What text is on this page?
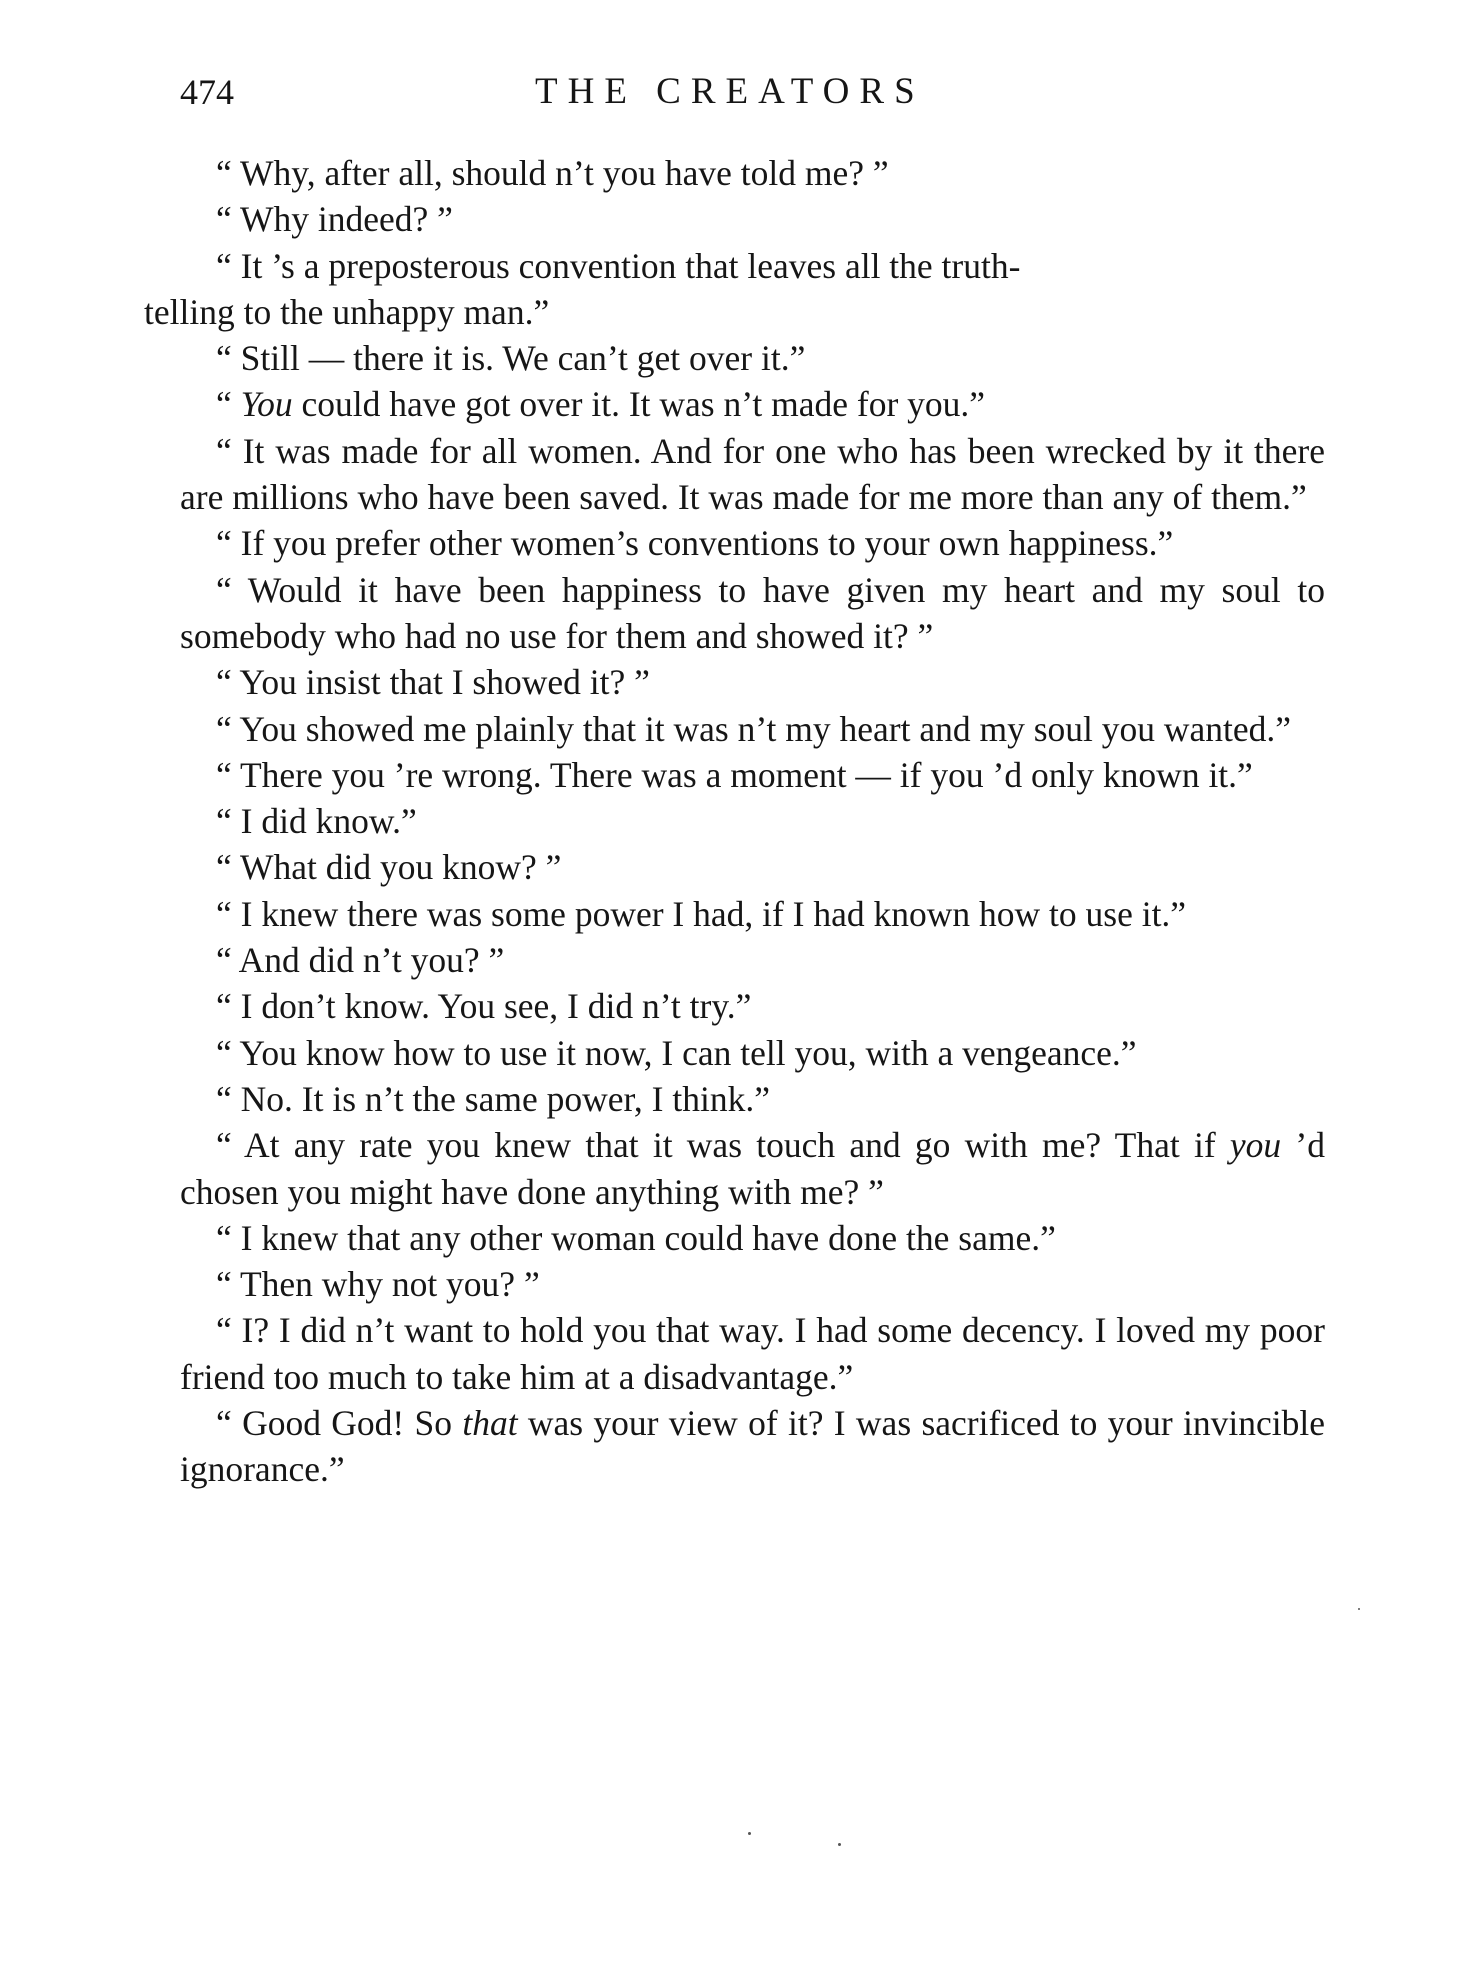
474	THE CREATORS

“ Why, after all, should n’t you have told me? ”

“ Why indeed? ”

“ It ’s a preposterous convention that leaves all the truth-
telling to the unhappy man.”

“ Still — there it is. We can’t get over it.”

“ You could have got over it. It was n’t made for you.”

“ It was made for all women. And for one who has been wrecked by it there are millions who have been saved. It was made for me more than any of them.”

“ If you prefer other women’s conventions to your own happiness.”

“ Would it have been happiness to have given my heart and my soul to somebody who had no use for them and showed it? ”

“ You insist that I showed it? ”

“ You showed me plainly that it was n’t my heart and my soul you wanted.”

“ There you ’re wrong. There was a moment — if you ’d only known it.”

“ I did know.”

“ What did you know? ”

“ I knew there was some power I had, if I had known how to use it.”

“ And did n’t you? ”

“ I don’t know. You see, I did n’t try.”

“ You know how to use it now, I can tell you, with a vengeance.”

“ No. It is n’t the same power, I think.”

“ At any rate you knew that it was touch and go with me? That if you ’d chosen you might have done anything with me? ”

“ I knew that any other woman could have done the same.”

“ Then why not you? ”

“ I? I did n’t want to hold you that way. I had some decency. I loved my poor friend too much to take him at a disadvantage.”

“ Good God! So that was your view of it? I was sacrificed to your invincible ignorance.”
